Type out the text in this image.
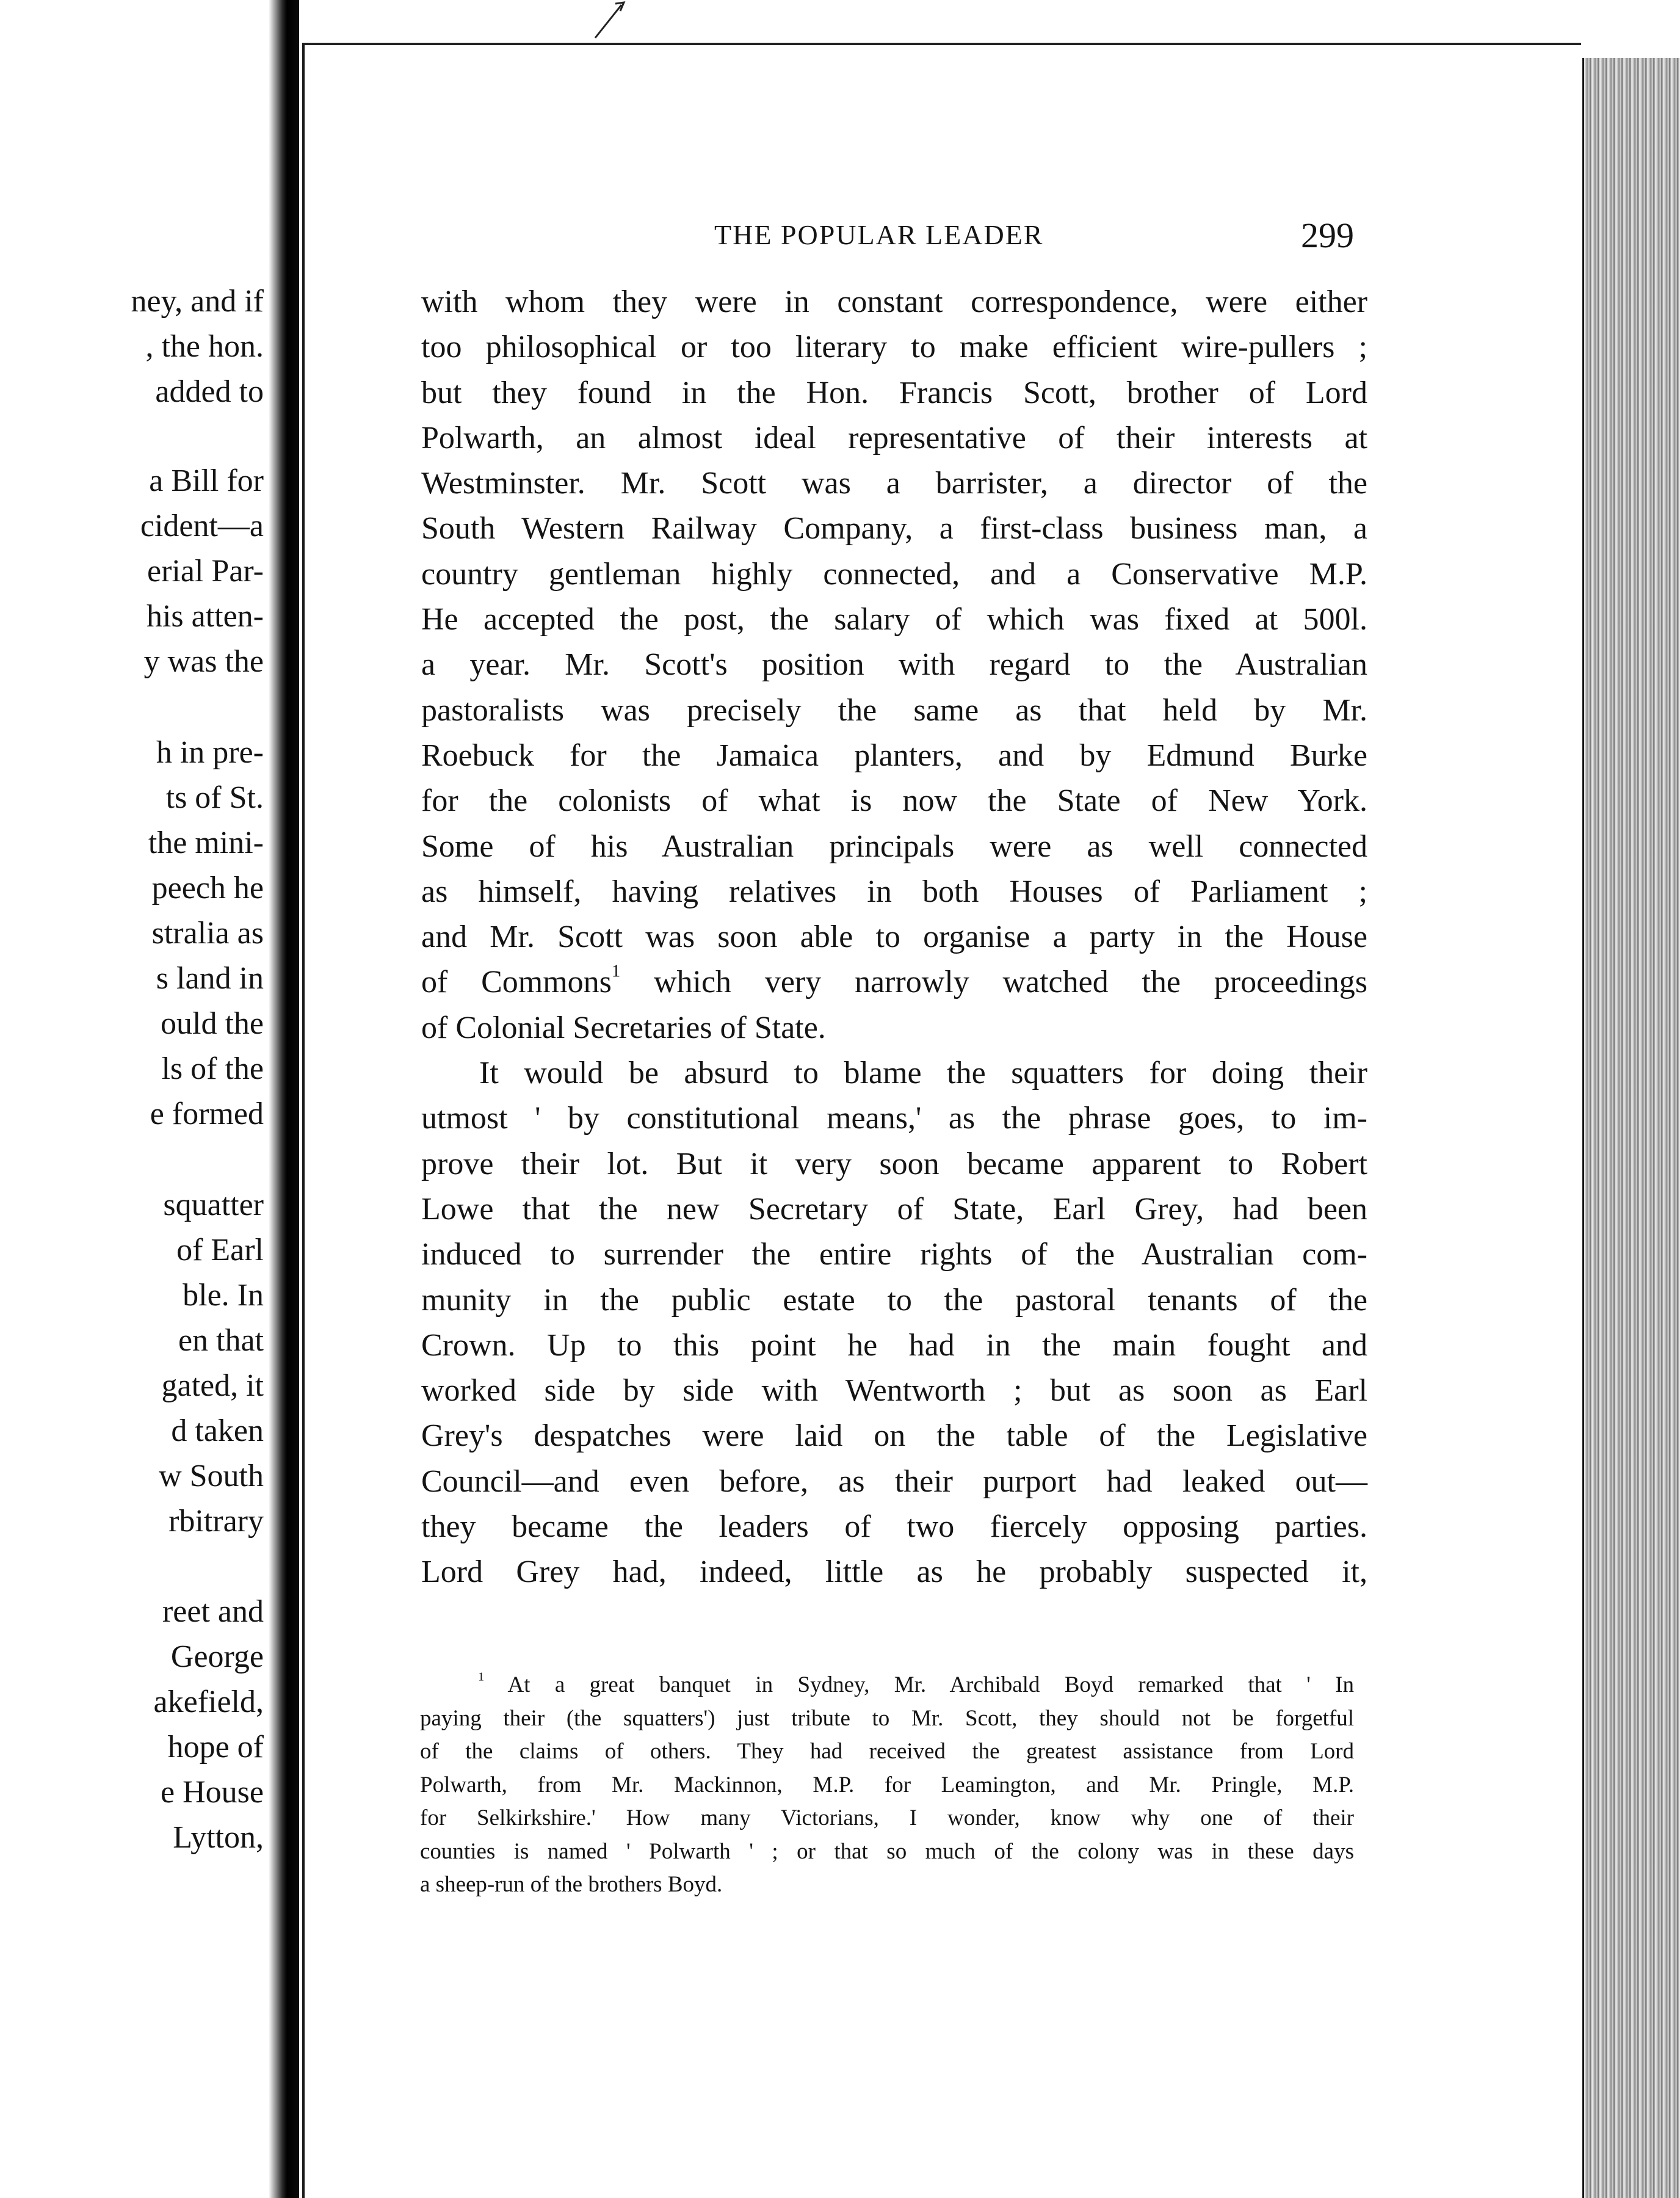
ney, and if
, the hon.
added to
a Bill for
cident—a
erial Par-
his atten-
y was the
h in pre-
ts of St.
the mini-
peech he
stralia as
s land in
ould the
ls of the
e formed
squatter
of Earl
ble. In
en that
gated, it
d taken
w South
rbitrary
reet and
George
akefield,
hope of
e House
Lytton,
THE POPULAR LEADER	299
with whom they were in constant correspondence, were either
too philosophical or too literary to make efficient wire-pullers ;
but they found in the Hon. Francis Scott, brother of Lord
Polwarth, an almost ideal representative of their interests at
Westminster. Mr. Scott was a barrister, a director of the
South Western Railway Company, a first-class business man, a
country gentleman highly connected, and a Conservative M.P.
He accepted the post, the salary of which was fixed at 500l.
a year. Mr. Scott's position with regard to the Australian
pastoralists was precisely the same as that held by Mr.
Roebuck for the Jamaica planters, and by Edmund Burke
for the colonists of what is now the State of New York.
Some of his Australian principals were as well connected
as himself, having relatives in both Houses of Parliament ;
and Mr. Scott was soon able to organise a party in the House
of Commons$^1$ which very narrowly watched the proceedings
of Colonial Secretaries of State.
It would be absurd to blame the squatters for doing their
utmost ' by constitutional means,' as the phrase goes, to im-
prove their lot. But it very soon became apparent to Robert
Lowe that the new Secretary of State, Earl Grey, had been
induced to surrender the entire rights of the Australian com-
munity in the public estate to the pastoral tenants of the
Crown. Up to this point he had in the main fought and
worked side by side with Wentworth ; but as soon as Earl
Grey's despatches were laid on the table of the Legislative
Council—and even before, as their purport had leaked out—
they became the leaders of two fiercely opposing parties.
Lord Grey had, indeed, little as he probably suspected it,
$^1$ At a great banquet in Sydney, Mr. Archibald Boyd remarked that ' In
paying their (the squatters') just tribute to Mr. Scott, they should not be forgetful
of the claims of others. They had received the greatest assistance from Lord
Polwarth, from Mr. Mackinnon, M.P. for Leamington, and Mr. Pringle, M.P.
for Selkirkshire.' How many Victorians, I wonder, know why one of their
counties is named ' Polwarth ' ; or that so much of the colony was in these days
a sheep-run of the brothers Boyd.
